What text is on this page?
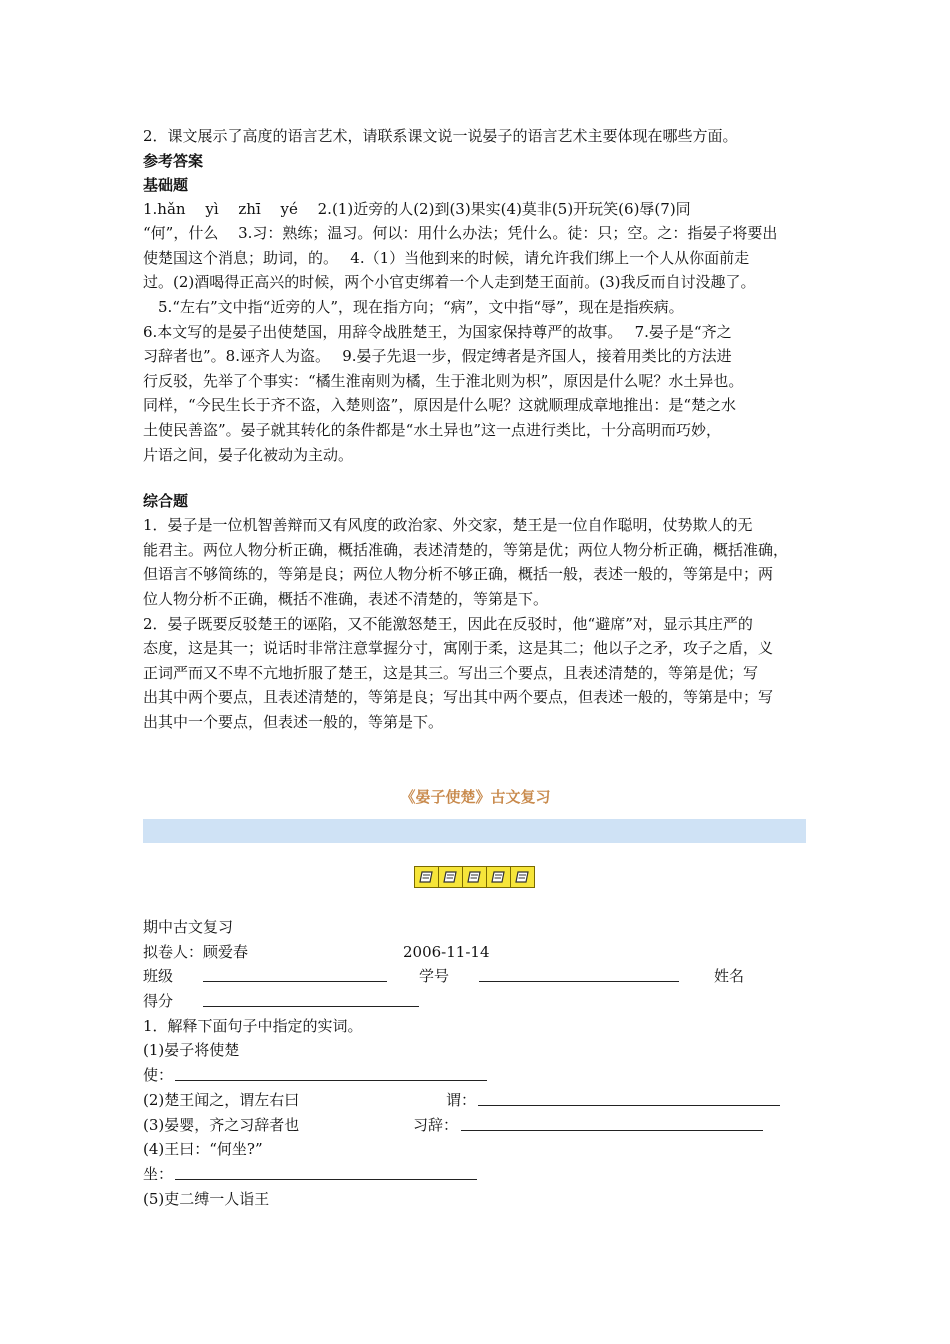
2．课文展示了高度的语言艺术，请联系课文说一说晏子的语言艺术主要体现在哪些方面。
参考答案
基础题
1.hǎn　 yì　 zhī　 yé　 2.(1)近旁的人(2)到(3)果实(4)莫非(5)开玩笑(6)辱(7)同
“何”，什么　 3.习：熟练；温习。何以：用什么办法；凭什么。徒：只；空。之：指晏子将要出
使楚国这个消息；助词，的。　 4.（1）当他到来的时候，请允许我们绑上一个人从你面前走
过。(2)酒喝得正高兴的时候，两个小官吏绑着一个人走到楚王面前。(3)我反而自讨没趣了。
　5.“左右”文中指“近旁的人”，现在指方向；“病”，文中指“辱”，现在是指疾病。
6.本文写的是晏子出使楚国，用辞令战胜楚王，为国家保持尊严的故事。　 7.晏子是“齐之
习辞者也”。8.诬齐人为盗。　 9.晏子先退一步，假定缚者是齐国人，接着用类比的方法进
行反驳，先举了个事实：“橘生淮南则为橘，生于淮北则为枳”，原因是什么呢？水土异也。
同样，“今民生长于齐不盗，入楚则盗”，原因是什么呢？这就顺理成章地推出：是“楚之水
土使民善盗”。晏子就其转化的条件都是“水土异也”这一点进行类比，十分高明而巧妙，
片语之间，晏子化被动为主动。
综合题
1．晏子是一位机智善辩而又有风度的政治家、外交家，楚王是一位自作聪明，仗势欺人的无
能君主。两位人物分析正确，概括准确，表述清楚的，等第是优；两位人物分析正确，概括准确，
但语言不够简练的，等第是良；两位人物分析不够正确，概括一般，表述一般的，等第是中；两
位人物分析不正确，概括不准确，表述不清楚的，等第是下。
2．晏子既要反驳楚王的诬陷，又不能激怒楚王，因此在反驳时，他“避席”对，显示其庄严的
态度，这是其一；说话时非常注意掌握分寸，寓刚于柔，这是其二；他以子之矛，攻子之盾，义
正词严而又不卑不亢地折服了楚王，这是其三。写出三个要点，且表述清楚的，等第是优；写
出其中两个要点，且表述清楚的，等第是良；写出其中两个要点，但表述一般的，等第是中；写
出其中一个要点，但表述一般的，等第是下。
《晏子使楚》古文复习
期中古文复习
拟卷人：顾爱春	2006-11-14
班级	学号	姓名
得分
1．解释下面句子中指定的实词。
(1)晏子将使楚
使：
(2)楚王闻之，谓左右曰	谓：
(3)晏婴，齐之习辞者也	习辞：
(4)王曰：“何坐?”
坐：
(5)吏二缚一人诣王
